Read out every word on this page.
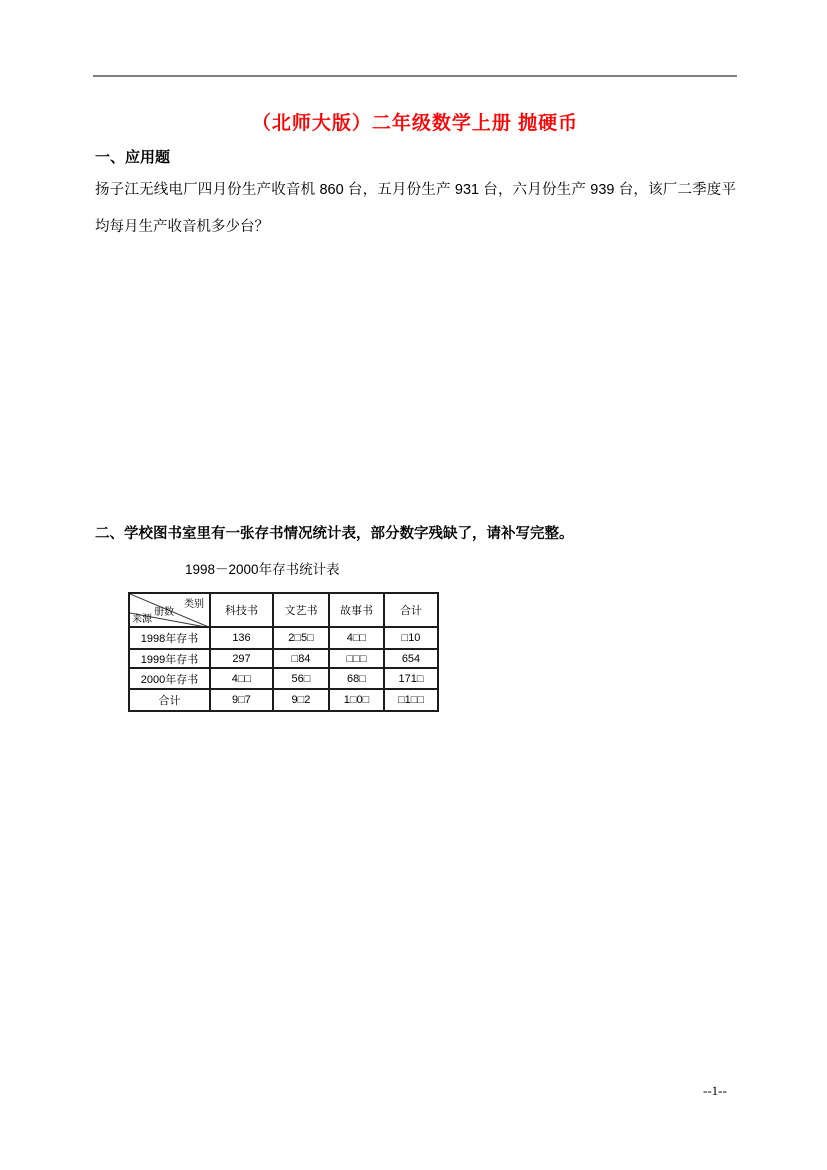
（北师大版）二年级数学上册 抛硬币
一、应用题
扬子江无线电厂四月份生产收音机 860 台，五月份生产 931 台，六月份生产 939 台，该厂二季度平均每月生产收音机多少台？
二、学校图书室里有一张存书情况统计表，部分数字残缺了，请补写完整。
1998－2000年存书统计表
类别
册数
来源	科技书	文艺书	故事书	合计
1998年存书	136	2□5□	4□□	□10
1999年存书	297	□84	□□□	654
2000年存书	4□□	56□	68□	171□
合计	9□7	9□2	1□0□	□1□□
--1--
